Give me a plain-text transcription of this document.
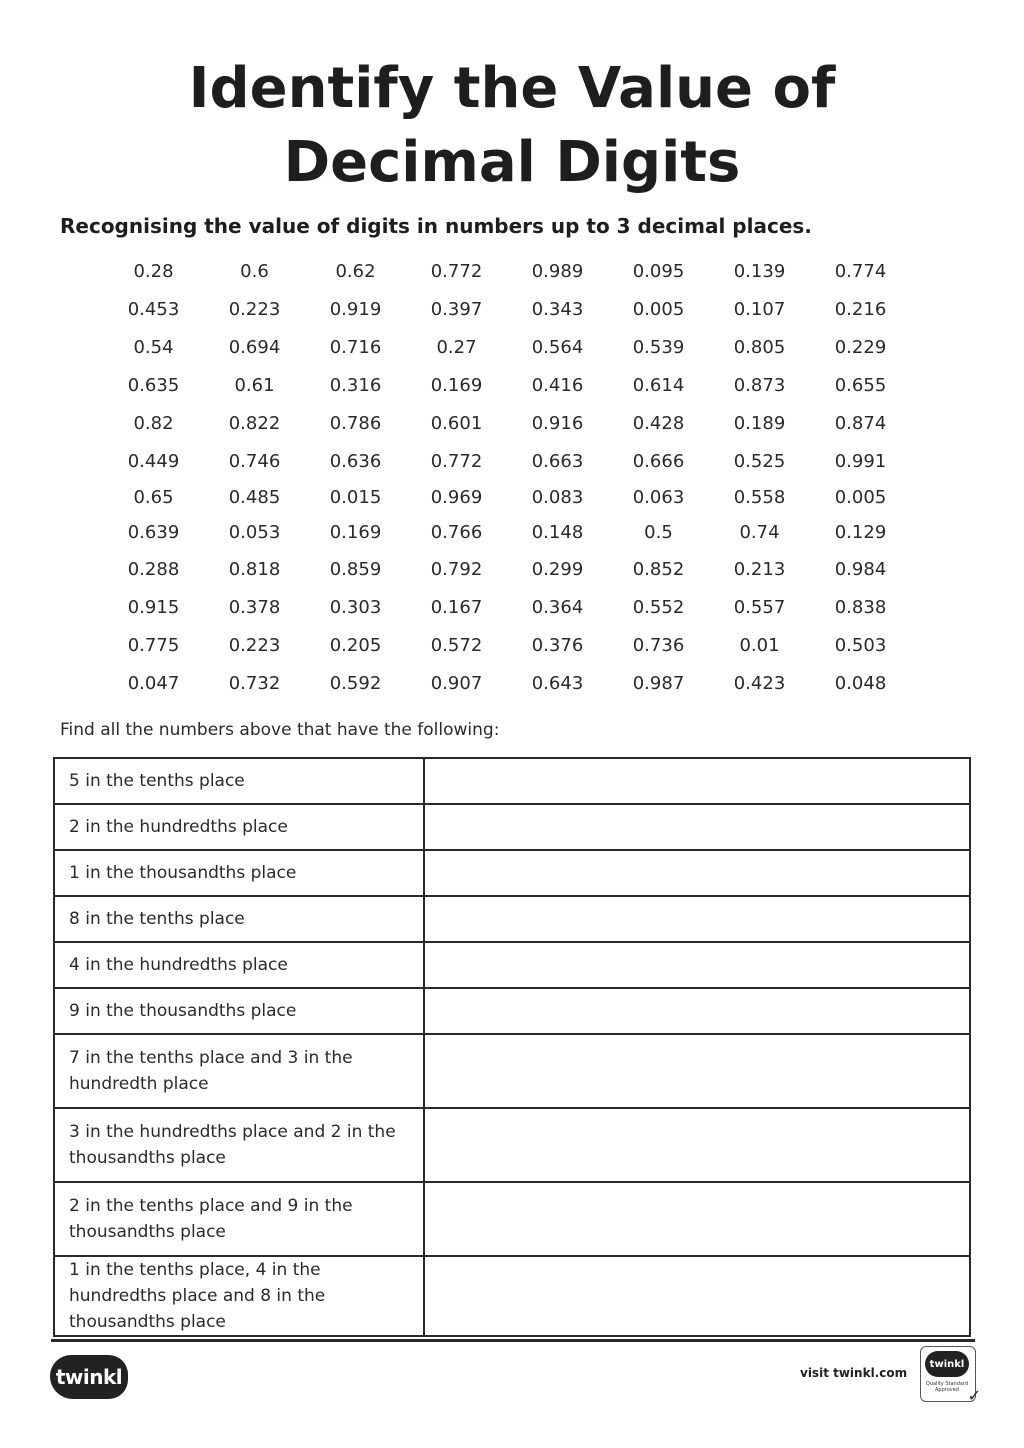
Identify the Value of
Decimal Digits

Recognising the value of digits in numbers up to 3 decimal places.

0.28	0.6	0.62	0.772	0.989	0.095	0.139	0.774
0.453	0.223	0.919	0.397	0.343	0.005	0.107	0.216
0.54	0.694	0.716	0.27	0.564	0.539	0.805	0.229
0.635	0.61	0.316	0.169	0.416	0.614	0.873	0.655
0.82	0.822	0.786	0.601	0.916	0.428	0.189	0.874
0.449	0.746	0.636	0.772	0.663	0.666	0.525	0.991
0.65	0.485	0.015	0.969	0.083	0.063	0.558	0.005
0.639	0.053	0.169	0.766	0.148	0.5	0.74	0.129
0.288	0.818	0.859	0.792	0.299	0.852	0.213	0.984
0.915	0.378	0.303	0.167	0.364	0.552	0.557	0.838
0.775	0.223	0.205	0.572	0.376	0.736	0.01	0.503
0.047	0.732	0.592	0.907	0.643	0.987	0.423	0.048

Find all the numbers above that have the following:

5 in the tenths place	
2 in the hundredths place	
1 in the thousandths place	
8 in the tenths place	
4 in the hundredths place	
9 in the thousandths place	
7 in the tenths place and 3 in the hundredth place	
3 in the hundredths place and 2 in the thousandths place	
2 in the tenths place and 9 in the thousandths place	
1 in the tenths place, 4 in the hundredths place and 8 in the thousandths place	
twinkl	visit twinkl.com
twinkl
Quality Standard Approved ✓
